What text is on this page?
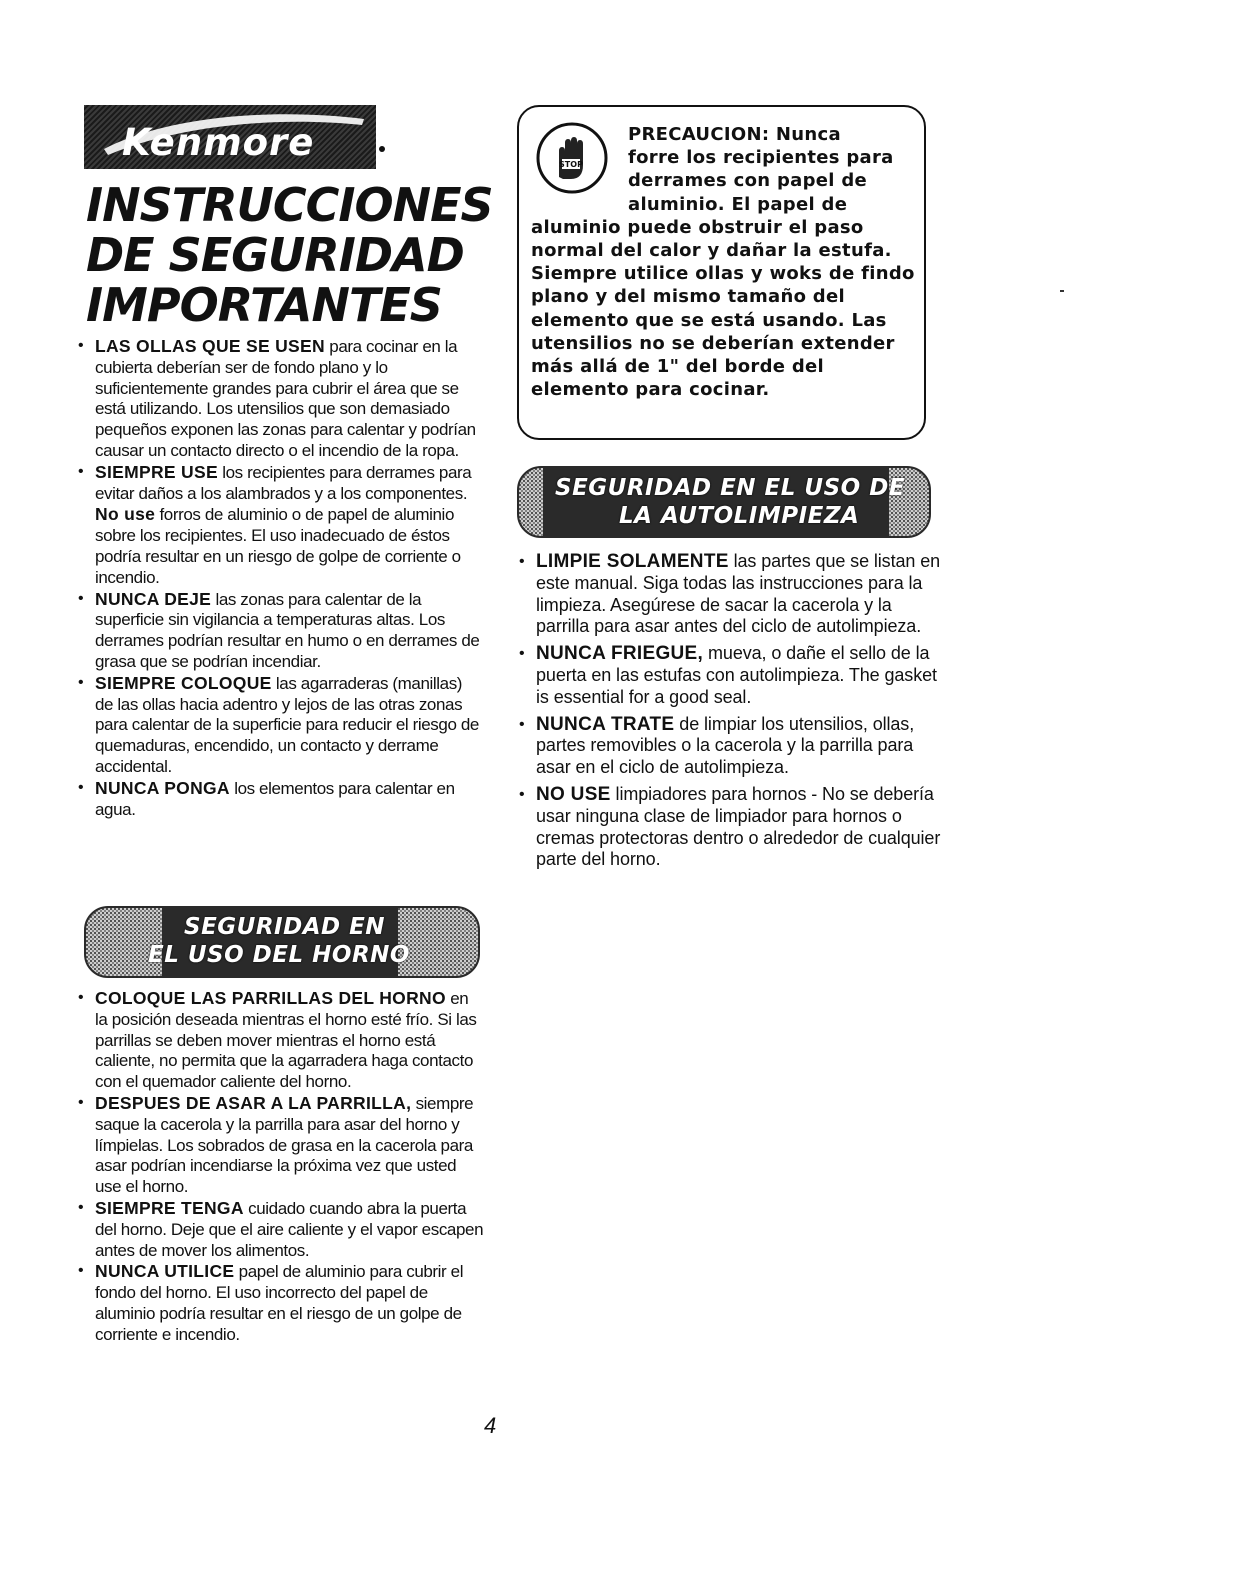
Kenmore
INSTRUCCIONES
DE SEGURIDAD
IMPORTANTES
• LAS OLLAS QUE SE USEN para cocinar en la cubierta deberían ser de fondo plano y lo suficientemente grandes para cubrir el área que se está utilizando. Los utensilios que son demasiado pequeños exponen las zonas para calentar y podrían causar un contacto directo o el incendio de la ropa.
• SIEMPRE USE los recipientes para derrames para evitar daños a los alambrados y a los componentes. No use forros de aluminio o de papel de aluminio sobre los recipientes. El uso inadecuado de éstos podría resultar en un riesgo de golpe de corriente o incendio.
• NUNCA DEJE las zonas para calentar de la superficie sin vigilancia a temperaturas altas. Los derrames podrían resultar en humo o en derrames de grasa que se podrían incendiar.
• SIEMPRE COLOQUE las agarraderas (manillas) de las ollas hacia adentro y lejos de las otras zonas para calentar de la superficie para reducir el riesgo de quemaduras, encendido, un contacto y derrame accidental.
• NUNCA PONGA los elementos para calentar en agua.
SEGURIDAD EN
EL USO DEL HORNO
• COLOQUE LAS PARRILLAS DEL HORNO en la posición deseada mientras el horno esté frío. Si las parrillas se deben mover mientras el horno está caliente, no permita que la agarradera haga contacto con el quemador caliente del horno.
• DESPUES DE ASAR A LA PARRILLA, siempre saque la cacerola y la parrilla para asar del horno y límpielas. Los sobrados de grasa en la cacerola para asar podrían incendiarse la próxima vez que usted use el horno.
• SIEMPRE TENGA cuidado cuando abra la puerta del horno. Deje que el aire caliente y el vapor escapen antes de mover los alimentos.
• NUNCA UTILICE papel de aluminio para cubrir el fondo del horno. El uso incorrecto del papel de aluminio podría resultar en el riesgo de un golpe de corriente e incendio.
STOP
PRECAUCION: Nunca
forre los recipientes para
derrames con papel de
aluminio. El papel de
aluminio puede obstruir el paso normal del calor y dañar la estufa. Siempre utilice ollas y woks de findo plano y del mismo tamaño del elemento que se está usando. Las utensilios no se deberían extender más allá de 1" del borde del elemento para cocinar.
SEGURIDAD EN EL USO DE
LA AUTOLIMPIEZA
• LIMPIE SOLAMENTE las partes que se listan en este manual. Siga todas las instrucciones para la limpieza. Asegúrese de sacar la cacerola y la parrilla para asar antes del ciclo de autolimpieza.
• NUNCA FRIEGUE, mueva, o dañe el sello de la puerta en las estufas con autolimpieza. The gasket is essential for a good seal.
• NUNCA TRATE de limpiar los utensilios, ollas, partes removibles o la cacerola y la parrilla para asar en el ciclo de autolimpieza.
• NO USE limpiadores para hornos - No se debería usar ninguna clase de limpiador para hornos o cremas protectoras dentro o alrededor de cualquier parte del horno.
4
